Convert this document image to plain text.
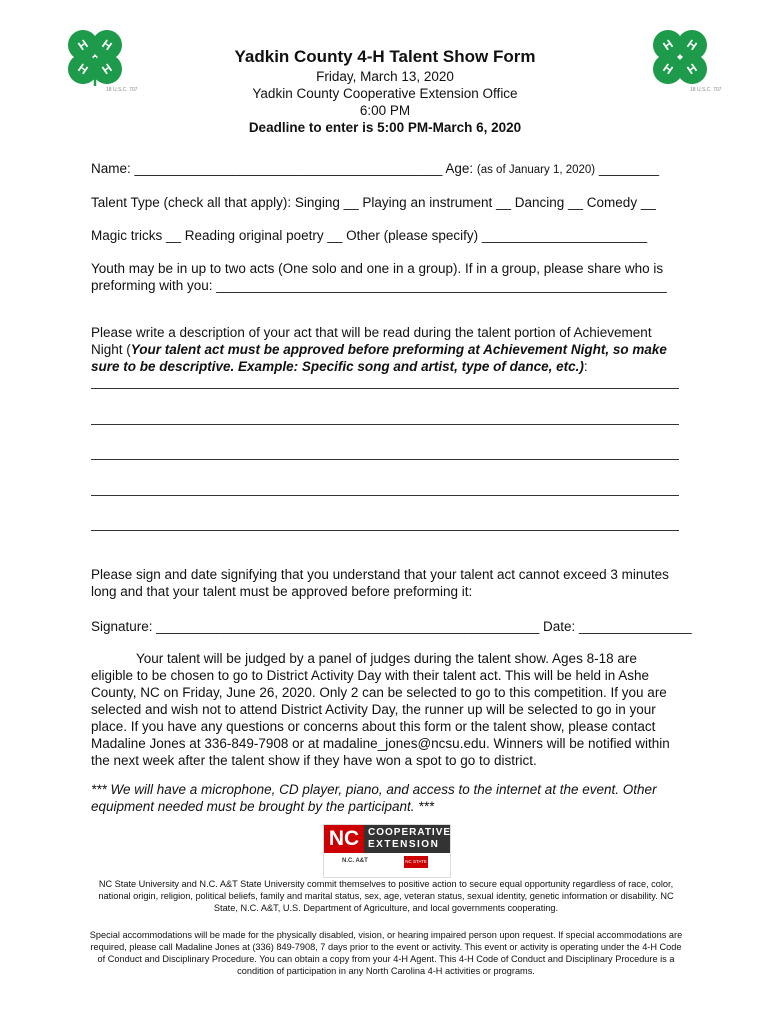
H H
H H
18 U.S.C. 707
H H
H H
18 U.S.C. 707
Yadkin County 4-H Talent Show Form
Friday, March 13, 2020
Yadkin County Cooperative Extension Office
6:00 PM
Deadline to enter is 5:00 PM-March 6, 2020
Name: _________________________________________ Age: (as of January 1, 2020) ________
Talent Type (check all that apply): Singing __ Playing an instrument __ Dancing __ Comedy __
Magic tricks __ Reading original poetry __ Other (please specify) ______________________
Youth may be in up to two acts (One solo and one in a group). If in a group, please share who is
preforming with you: ____________________________________________________________
Please write a description of your act that will be read during the talent portion of Achievement Night (Your talent act must be approved before preforming at Achievement Night, so make sure to be descriptive. Example: Specific song and artist, type of dance, etc.):
Please sign and date signifying that you understand that your talent act cannot exceed 3 minutes long and that your talent must be approved before preforming it:
Signature: ___________________________________________________ Date: _______________
Your talent will be judged by a panel of judges during the talent show. Ages 8-18 are eligible to be chosen to go to District Activity Day with their talent act. This will be held in Ashe County, NC on Friday, June 26, 2020. Only 2 can be selected to go to this competition. If you are selected and wish not to attend District Activity Day, the runner up will be selected to go in your place. If you have any questions or concerns about this form or the talent show, please contact Madaline Jones at 336-849-7908 or at madaline_jones@ncsu.edu. Winners will be notified within the next week after the talent show if they have won a spot to go to district.
*** We will have a microphone, CD player, piano, and access to the internet at the event. Other equipment needed must be brought by the participant. ***
NC COOPERATIVE
EXTENSION
N.C. A&T	NC STATE
NC State University and N.C. A&T State University commit themselves to positive action to secure equal opportunity regardless of race, color, national origin, religion, political beliefs, family and marital status, sex, age, veteran status, sexual identity, genetic information or disability. NC State, N.C. A&T, U.S. Department of Agriculture, and local governments cooperating.
Special accommodations will be made for the physically disabled, vision, or hearing impaired person upon request. If special accommodations are required, please call Madaline Jones at (336) 849-7908, 7 days prior to the event or activity. This event or activity is operating under the 4-H Code of Conduct and Disciplinary Procedure. You can obtain a copy from your 4-H Agent. This 4-H Code of Conduct and Disciplinary Procedure is a condition of participation in any North Carolina 4-H activities or programs.
